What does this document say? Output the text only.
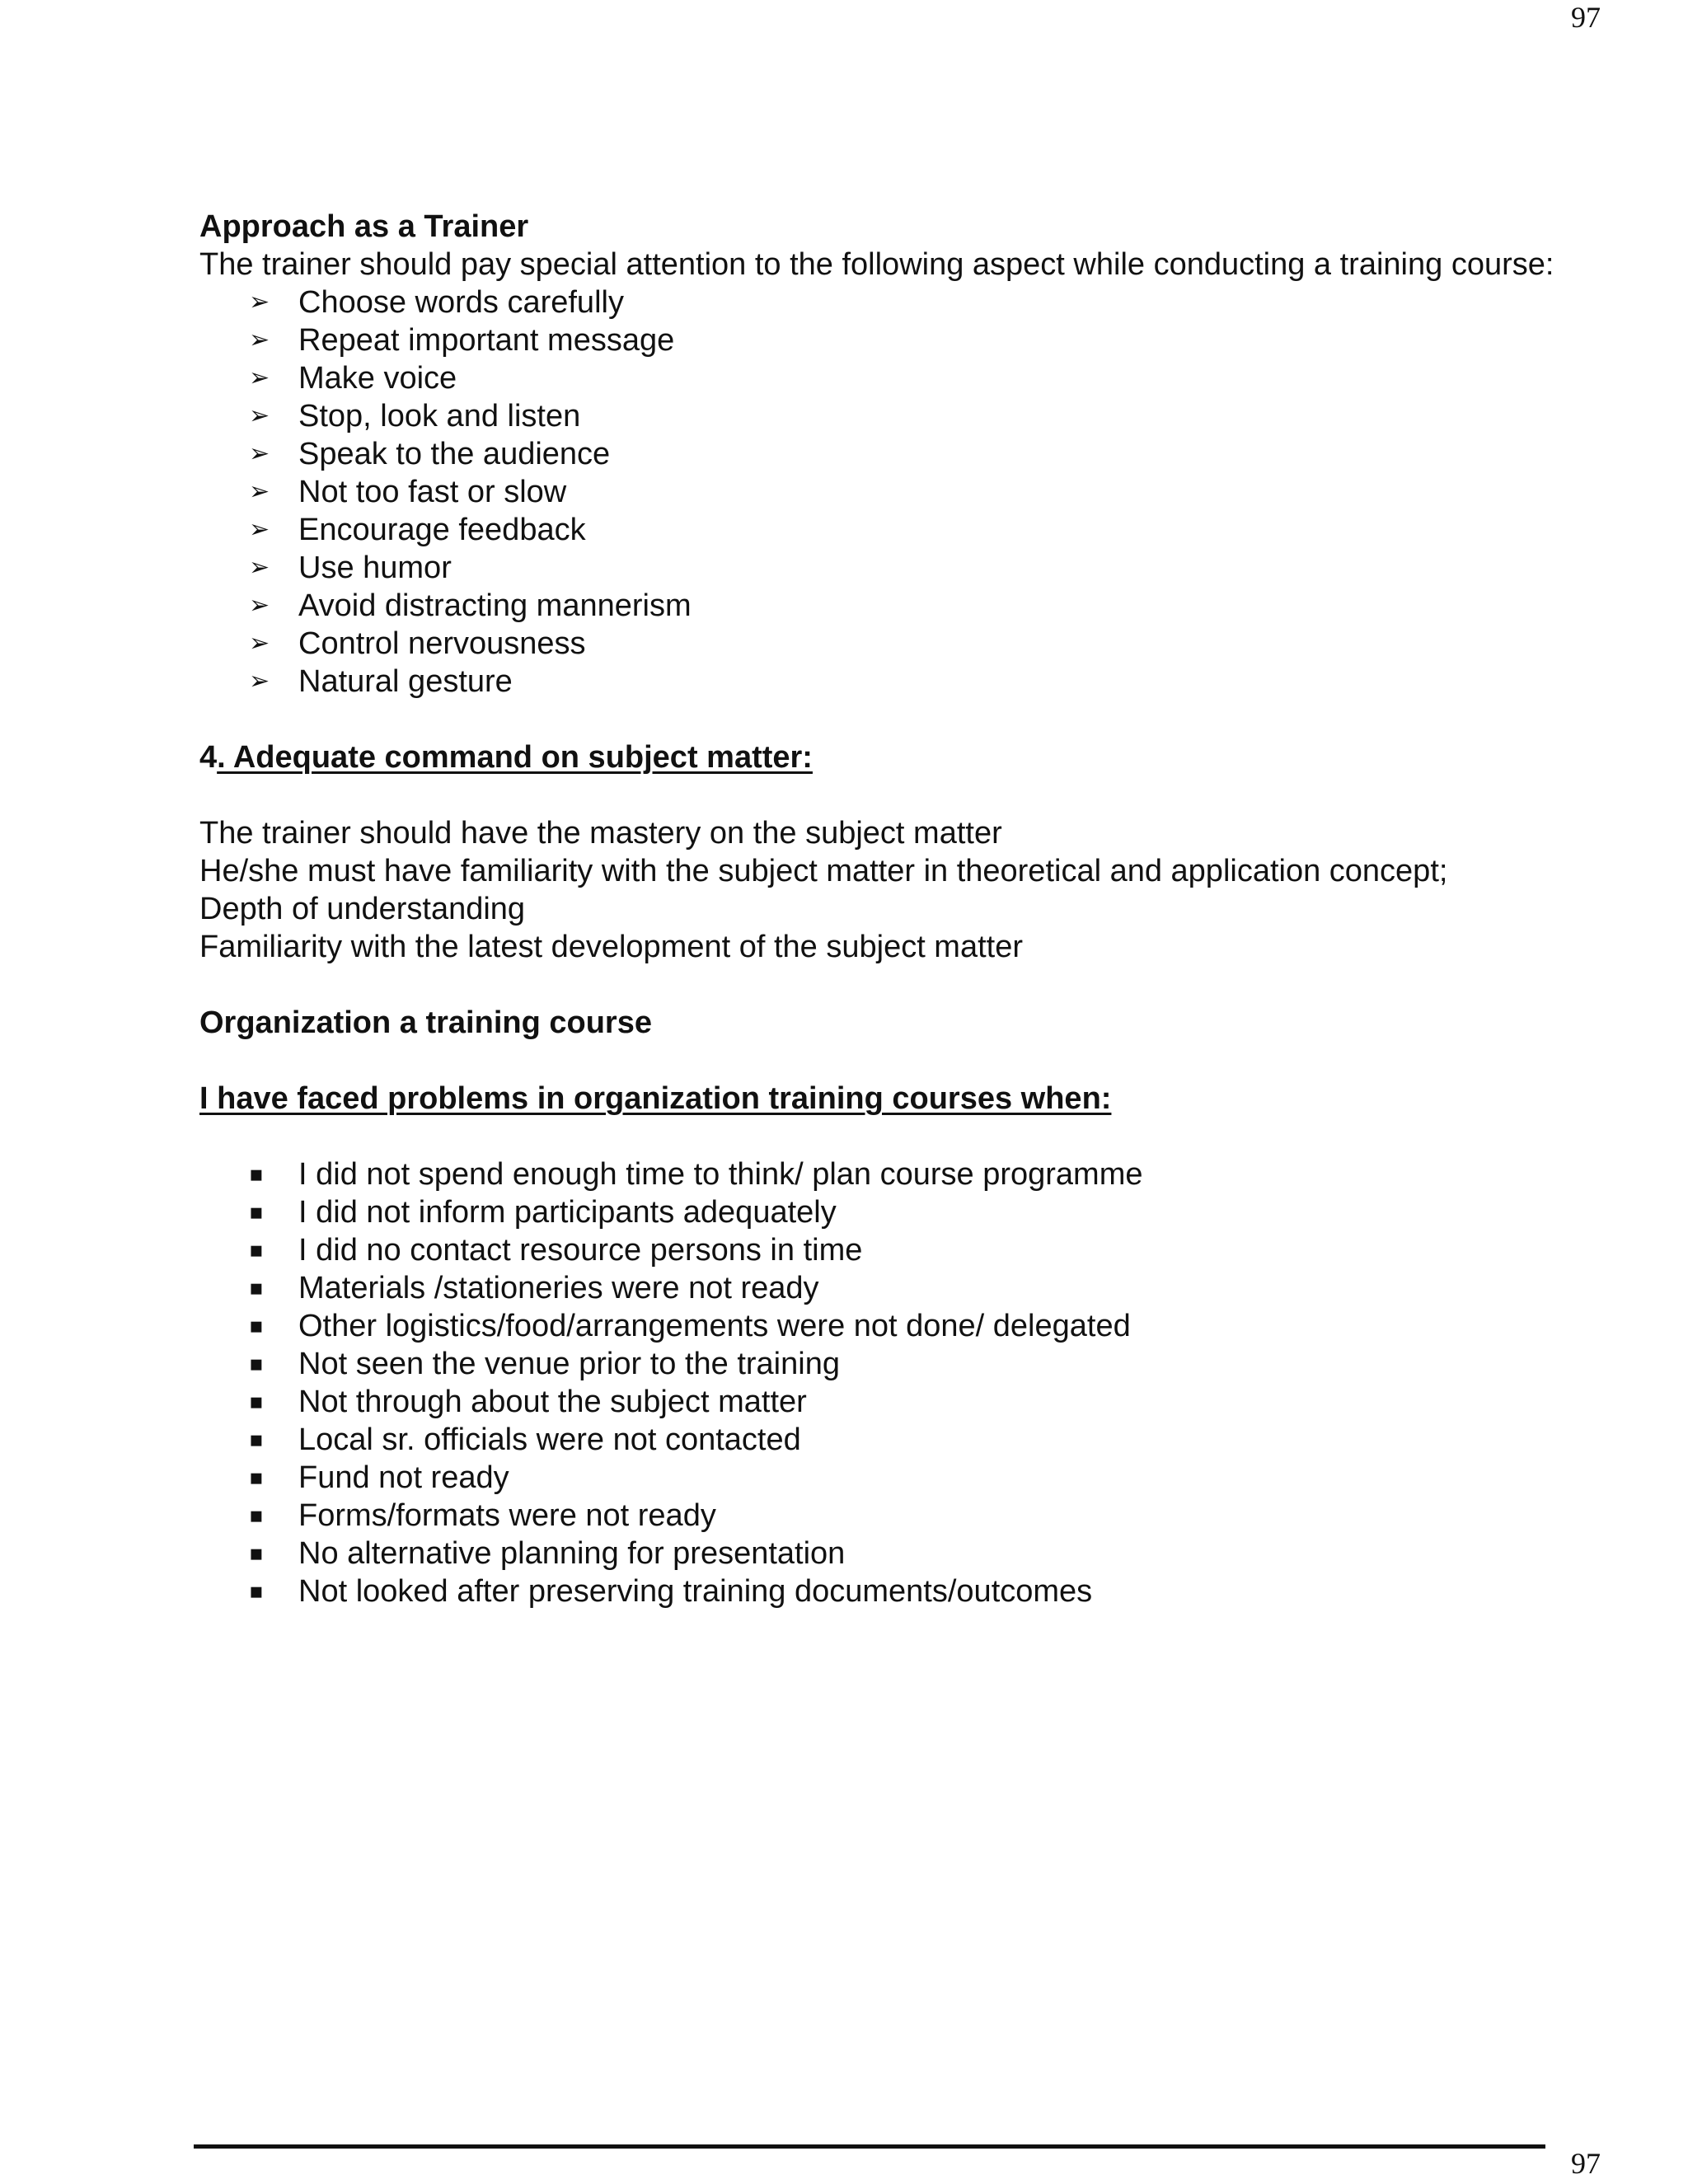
97

Approach as a Trainer

The trainer should pay special attention to the following aspect while conducting a training course:

➢ Choose words carefully
➢ Repeat important message
➢ Make voice
➢ Stop, look and listen
➢ Speak to the audience
➢ Not too fast or slow
➢ Encourage feedback
➢ Use humor
➢ Avoid distracting mannerism
➢ Control nervousness
➢ Natural gesture

4. Adequate command on subject matter:

The trainer should have the mastery on the subject matter

He/she must have familiarity with the subject matter in theoretical and application concept;

Depth of understanding

Familiarity with the latest development of the subject matter

Organization a training course

I have faced problems in organization training courses when:

▪ I did not spend enough time to think/ plan course programme
▪ I did not inform participants adequately
▪ I did no contact resource persons in time
▪ Materials /stationeries were not ready
▪ Other logistics/food/arrangements were not done/ delegated
▪ Not seen the venue prior to the training
▪ Not through about the subject matter
▪ Local sr. officials were not contacted
▪ Fund not ready
▪ Forms/formats were not ready
▪ No alternative planning for presentation
▪ Not looked after preserving training documents/outcomes
97
